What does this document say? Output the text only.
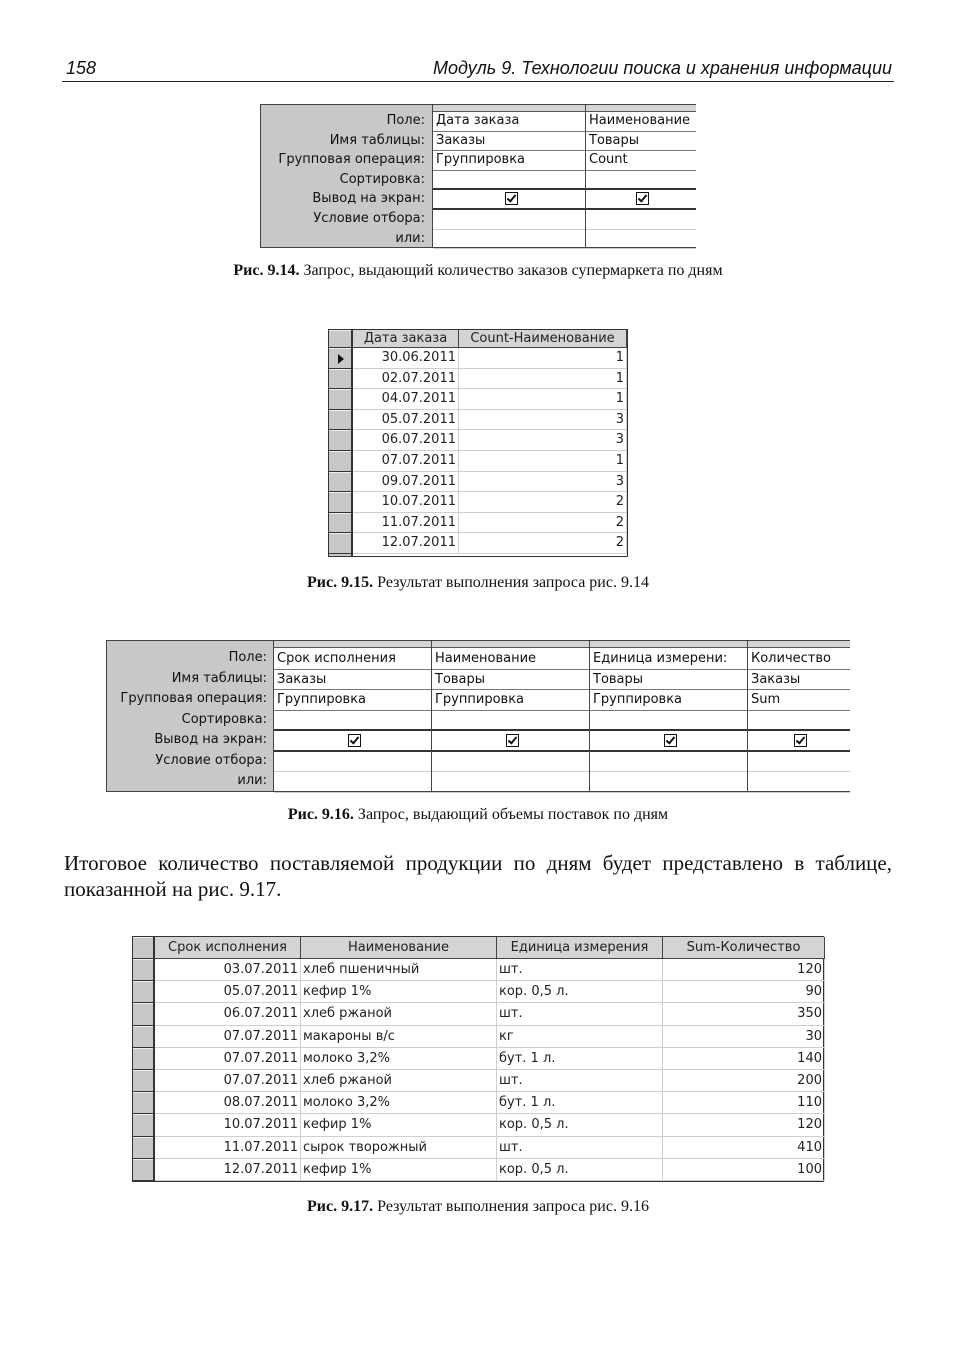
158	Модуль 9. Технологии поиска и хранения информации
Поле:
Имя таблицы:
Групповая операция:
Сортировка:
Вывод на экран:
Условие отбора:
или:
Дата заказа
Заказы
Группировка
Наименование
Товары
Count
Рис. 9.14. Запрос, выдающий количество заказов супермаркета по дням
Дата заказа
30.06.2011
02.07.2011
04.07.2011
05.07.2011
06.07.2011
07.07.2011
09.07.2011
10.07.2011
11.07.2011
12.07.2011
Count-Наименование
1
1
1
3
3
1
3
2
2
2
Рис. 9.15. Результат выполнения запроса рис. 9.14
Поле:
Имя таблицы:
Групповая операция:
Сортировка:
Вывод на экран:
Условие отбора:
или:
Срок исполнения
Заказы
Группировка
Наименование
Товары
Группировка
Единица измерени:
Товары
Группировка
Количество
Заказы
Sum
Рис. 9.16. Запрос, выдающий объемы поставок по дням
Итоговое количество поставляемой продукции по дням будет представлено в таблице, показанной на рис. 9.17.
Срок исполнения
03.07.2011
05.07.2011
06.07.2011
07.07.2011
07.07.2011
07.07.2011
08.07.2011
10.07.2011
11.07.2011
12.07.2011
Наименование
хлеб пшеничный
кефир 1%
хлеб ржаной
макароны в/с
молоко 3,2%
хлеб ржаной
молоко 3,2%
кефир 1%
сырок творожный
кефир 1%
Единица измерения
шт.
кор. 0,5 л.
шт.
кг
бут. 1 л.
шт.
бут. 1 л.
кор. 0,5 л.
шт.
кор. 0,5 л.
Sum-Количество
120
90
350
30
140
200
110
120
410
100
Рис. 9.17. Результат выполнения запроса рис. 9.16
